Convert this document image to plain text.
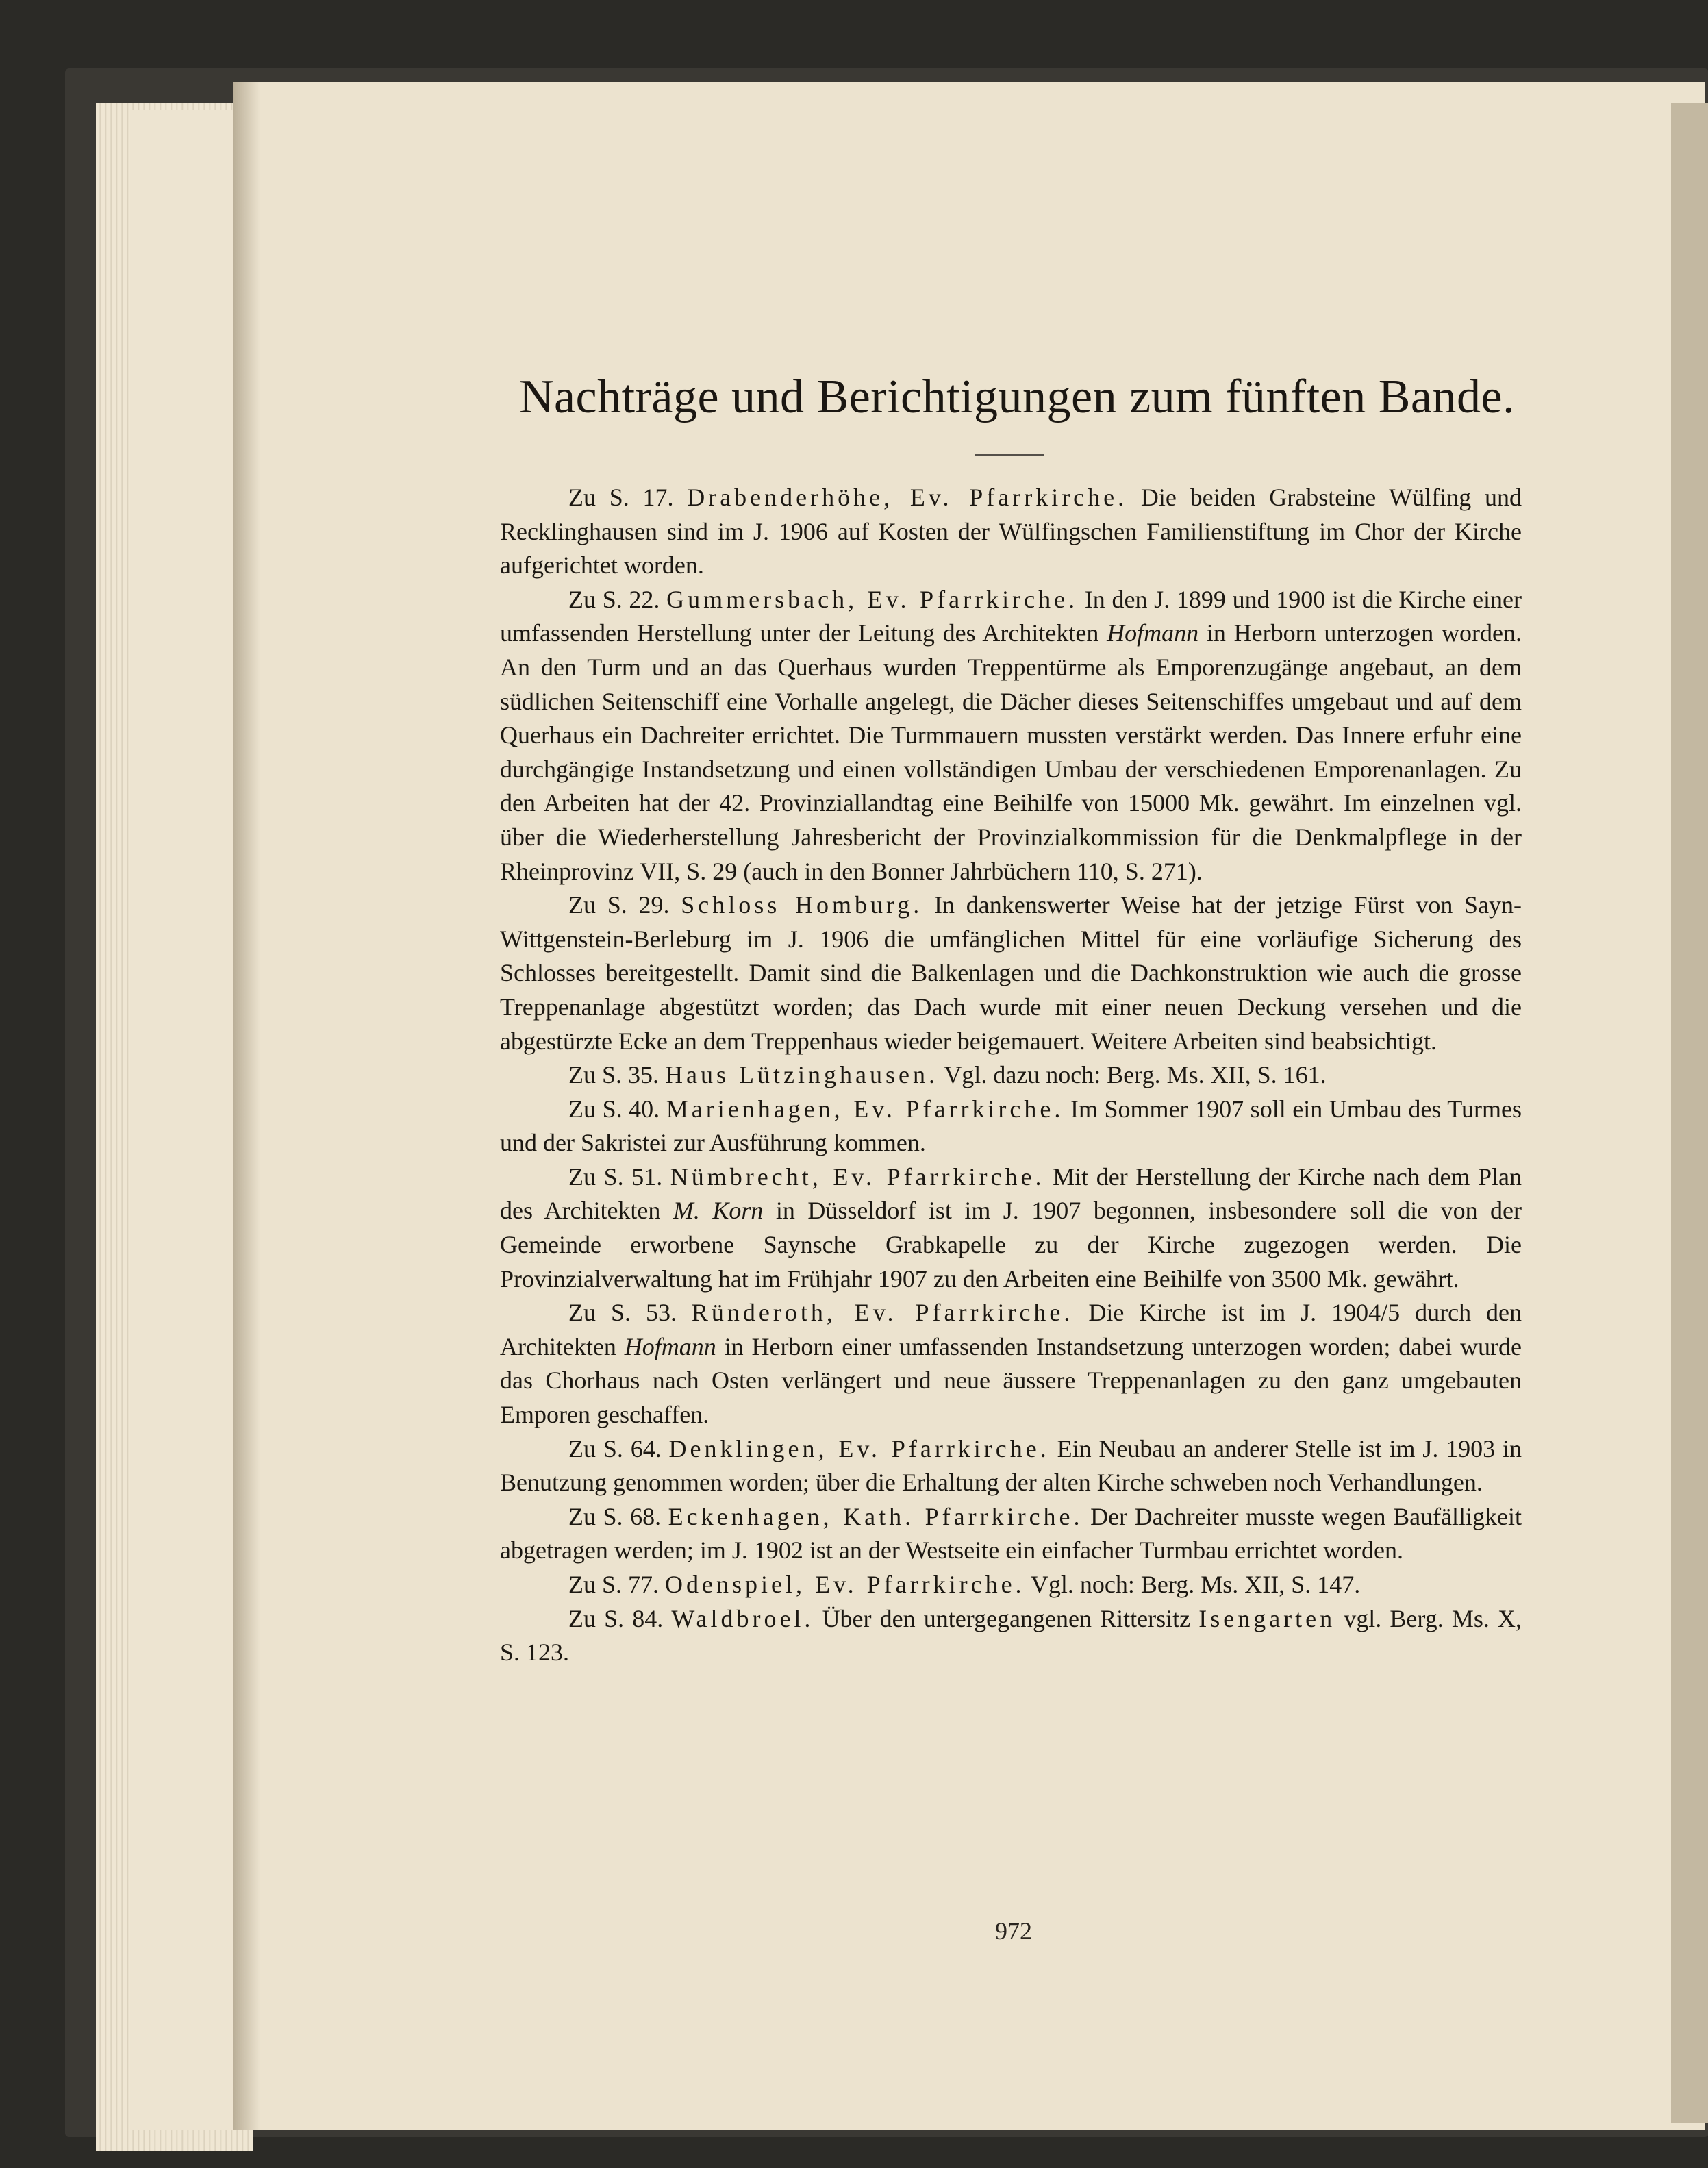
Nachträge und Berichtigungen zum fünften Bande.

Zu S. 17. Drabenderhöhe, Ev. Pfarrkirche. Die beiden Grabsteine Wülfing und Recklinghausen sind im J. 1906 auf Kosten der Wülfingschen Familienstiftung im Chor der Kirche aufgerichtet worden.

Zu S. 22. Gummersbach, Ev. Pfarrkirche. In den J. 1899 und 1900 ist die Kirche einer umfassenden Herstellung unter der Leitung des Architekten Hofmann in Herborn unterzogen worden. An den Turm und an das Querhaus wurden Treppentürme als Emporenzugänge angebaut, an dem südlichen Seitenschiff eine Vorhalle angelegt, die Dächer dieses Seitenschiffes umgebaut und auf dem Querhaus ein Dachreiter errichtet. Die Turmmauern mussten verstärkt werden. Das Innere erfuhr eine durchgängige Instandsetzung und einen vollständigen Umbau der verschiedenen Emporenanlagen. Zu den Arbeiten hat der 42. Provinziallandtag eine Beihilfe von 15000 Mk. gewährt. Im einzelnen vgl. über die Wiederherstellung Jahresbericht der Provinzialkommission für die Denkmalpflege in der Rheinprovinz VII, S. 29 (auch in den Bonner Jahrbüchern 110, S. 271).

Zu S. 29. Schloss Homburg. In dankenswerter Weise hat der jetzige Fürst von Sayn-Wittgenstein-Berleburg im J. 1906 die umfänglichen Mittel für eine vorläufige Sicherung des Schlosses bereitgestellt. Damit sind die Balkenlagen und die Dachkonstruktion wie auch die grosse Treppenanlage abgestützt worden; das Dach wurde mit einer neuen Deckung versehen und die abgestürzte Ecke an dem Treppenhaus wieder beigemauert. Weitere Arbeiten sind beabsichtigt.

Zu S. 35. Haus Lützinghausen. Vgl. dazu noch: Berg. Ms. XII, S. 161.

Zu S. 40. Marienhagen, Ev. Pfarrkirche. Im Sommer 1907 soll ein Umbau des Turmes und der Sakristei zur Ausführung kommen.

Zu S. 51. Nümbrecht, Ev. Pfarrkirche. Mit der Herstellung der Kirche nach dem Plan des Architekten M. Korn in Düsseldorf ist im J. 1907 begonnen, insbesondere soll die von der Gemeinde erworbene Saynsche Grabkapelle zu der Kirche zugezogen werden. Die Provinzialverwaltung hat im Frühjahr 1907 zu den Arbeiten eine Beihilfe von 3500 Mk. gewährt.

Zu S. 53. Ründeroth, Ev. Pfarrkirche. Die Kirche ist im J. 1904/5 durch den Architekten Hofmann in Herborn einer umfassenden Instandsetzung unterzogen worden; dabei wurde das Chorhaus nach Osten verlängert und neue äussere Treppenanlagen zu den ganz umgebauten Emporen geschaffen.

Zu S. 64. Denklingen, Ev. Pfarrkirche. Ein Neubau an anderer Stelle ist im J. 1903 in Benutzung genommen worden; über die Erhaltung der alten Kirche schweben noch Verhandlungen.

Zu S. 68. Eckenhagen, Kath. Pfarrkirche. Der Dachreiter musste wegen Baufälligkeit abgetragen werden; im J. 1902 ist an der Westseite ein einfacher Turmbau errichtet worden.

Zu S. 77. Odenspiel, Ev. Pfarrkirche. Vgl. noch: Berg. Ms. XII, S. 147.

Zu S. 84. Waldbroel. Über den untergegangenen Rittersitz Isengarten vgl. Berg. Ms. X, S. 123.

972
